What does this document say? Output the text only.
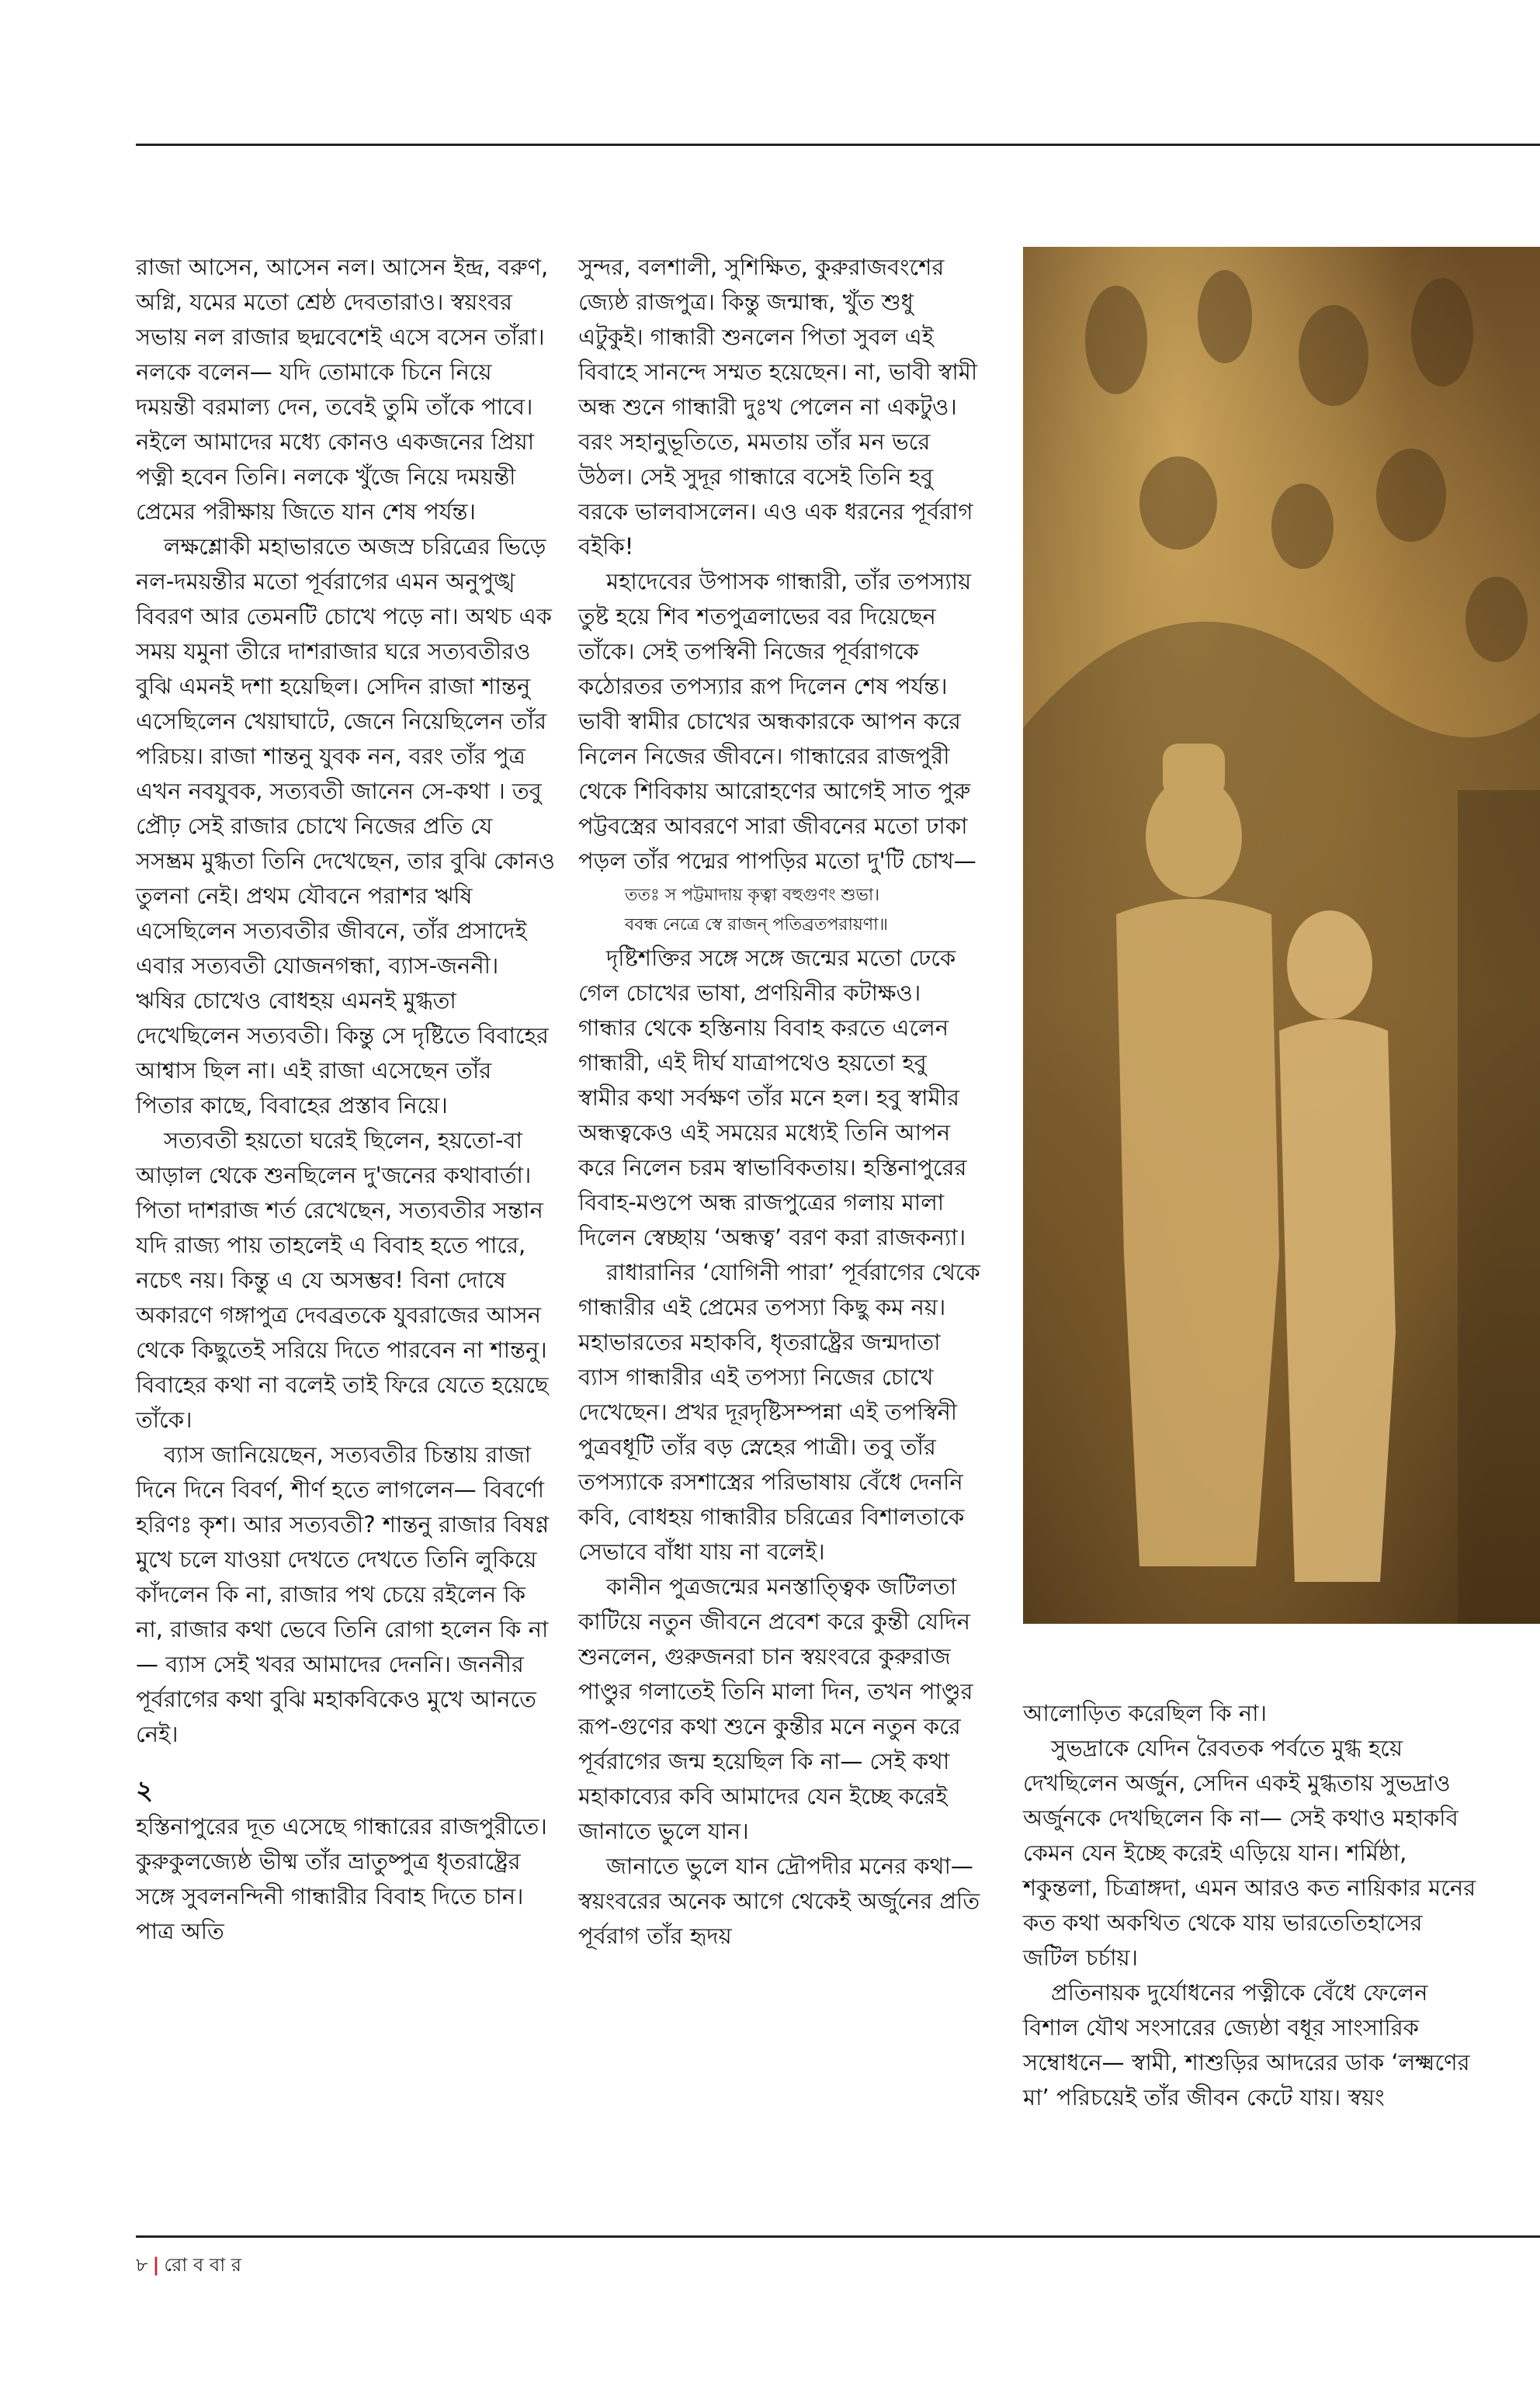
রাজা আসেন, আসেন নল। আসেন ইন্দ্র, বরুণ, অগ্নি, যমের মতো শ্রেষ্ঠ দেবতারাও। স্বয়ংবর সভায় নল রাজার ছদ্মবেশেই এসে বসেন তাঁরা। নলকে বলেন— যদি তোমাকে চিনে নিয়ে দময়ন্তী বরমাল্য দেন, তবেই তুমি তাঁকে পাবে। নইলে আমাদের মধ্যে কোনও একজনের প্রিয়া পত্নী হবেন তিনি। নলকে খুঁজে নিয়ে দময়ন্তী প্রেমের পরীক্ষায় জিতে যান শেষ পর্যন্ত।

লক্ষশ্লোকী মহাভারতে অজস্র চরিত্রের ভিড়ে নল-দময়ন্তীর মতো পূর্বরাগের এমন অনুপুঙ্খ বিবরণ আর তেমনটি চোখে পড়ে না। অথচ এক সময় যমুনা তীরে দাশরাজার ঘরে সত্যবতীরও বুঝি এমনই দশা হয়েছিল। সেদিন রাজা শান্তনু এসেছিলেন খেয়াঘাটে, জেনে নিয়েছিলেন তাঁর পরিচয়। রাজা শান্তনু যুবক নন, বরং তাঁর পুত্র এখন নবযুবক, সত্যবতী জানেন সে-কথা । তবু প্রৌঢ় সেই রাজার চোখে নিজের প্রতি যে সসম্ভ্রম মুগ্ধতা তিনি দেখেছেন, তার বুঝি কোনও তুলনা নেই। প্রথম যৌবনে পরাশর ঋষি এসেছিলেন সত্যবতীর জীবনে, তাঁর প্রসাদেই এবার সত্যবতী যোজনগন্ধা, ব্যাস-জননী। ঋষির চোখেও বোধহয় এমনই মুগ্ধতা দেখেছিলেন সত্যবতী। কিন্তু সে দৃষ্টিতে বিবাহের আশ্বাস ছিল না। এই রাজা এসেছেন তাঁর পিতার কাছে, বিবাহের প্রস্তাব নিয়ে।

সত্যবতী হয়তো ঘরেই ছিলেন, হয়তো-বা আড়াল থেকে শুনছিলেন দু'জনের কথাবার্তা। পিতা দাশরাজ শর্ত রেখেছেন, সত্যবতীর সন্তান যদি রাজ্য পায় তাহলেই এ বিবাহ হতে পারে, নচেৎ নয়। কিন্তু এ যে অসম্ভব! বিনা দোষে অকারণে গঙ্গাপুত্র দেবব্রতকে যুবরাজের আসন থেকে কিছুতেই সরিয়ে দিতে পারবেন না শান্তনু। বিবাহের কথা না বলেই তাই ফিরে যেতে হয়েছে তাঁকে।

ব্যাস জানিয়েছেন, সত্যবতীর চিন্তায় রাজা দিনে দিনে বিবর্ণ, শীর্ণ হতে লাগলেন— বিবর্ণো হরিণঃ কৃশ। আর সত্যবতী? শান্তনু রাজার বিষণ্ণ মুখে চলে যাওয়া দেখতে দেখতে তিনি লুকিয়ে কাঁদলেন কি না, রাজার পথ চেয়ে রইলেন কি না, রাজার কথা ভেবে তিনি রোগা হলেন কি না— ব্যাস সেই খবর আমাদের দেননি। জননীর পূর্বরাগের কথা বুঝি মহাকবিকেও মুখে আনতে নেই।

২

হস্তিনাপুরের দূত এসেছে গান্ধারের রাজপুরীতে। কুরুকুলজ্যেষ্ঠ ভীষ্ম তাঁর ভ্রাতুষ্পুত্র ধৃতরাষ্ট্রের সঙ্গে সুবলনন্দিনী গান্ধারীর বিবাহ দিতে চান। পাত্র অতি

সুন্দর, বলশালী, সুশিক্ষিত, কুরুরাজবংশের জ্যেষ্ঠ রাজপুত্র। কিন্তু জন্মান্ধ, খুঁত শুধু এটুকুই। গান্ধারী শুনলেন পিতা সুবল এই বিবাহে সানন্দে সম্মত হয়েছেন। না, ভাবী স্বামী অন্ধ শুনে গান্ধারী দুঃখ পেলেন না একটুও। বরং সহানুভূতিতে, মমতায় তাঁর মন ভরে উঠল। সেই সুদূর গান্ধারে বসেই তিনি হবু বরকে ভালবাসলেন। এও এক ধরনের পূর্বরাগ বইকি!

মহাদেবের উপাসক গান্ধারী, তাঁর তপস্যায় তুষ্ট হয়ে শিব শতপুত্রলাভের বর দিয়েছেন তাঁকে। সেই তপস্বিনী নিজের পূর্বরাগকে কঠোরতর তপস্যার রূপ দিলেন শেষ পর্যন্ত। ভাবী স্বামীর চোখের অন্ধকারকে আপন করে নিলেন নিজের জীবনে। গান্ধারের রাজপুরী থেকে শিবিকায় আরোহণের আগেই সাত পুরু পট্টবস্ত্রের আবরণে সারা জীবনের মতো ঢাকা পড়ল তাঁর পদ্মের পাপড়ির মতো দু'টি চোখ—

ততঃ স পট্টমাদায় কৃত্বা বহুগুণং শুভা।

ববন্ধ নেত্রে স্বে রাজন্‌ পতিব্রতপরায়ণা॥

দৃষ্টিশক্তির সঙ্গে সঙ্গে জন্মের মতো ঢেকে গেল চোখের ভাষা, প্রণয়িনীর কটাক্ষও। গান্ধার থেকে হস্তিনায় বিবাহ করতে এলেন গান্ধারী, এই দীর্ঘ যাত্রাপথেও হয়তো হবু স্বামীর কথা সর্বক্ষণ তাঁর মনে হল। হবু স্বামীর অন্ধত্বকেও এই সময়ের মধ্যেই তিনি আপন করে নিলেন চরম স্বাভাবিকতায়। হস্তিনাপুরের বিবাহ-মণ্ডপে অন্ধ রাজপুত্রের গলায় মালা দিলেন স্বেচ্ছায় ‘অন্ধত্ব’ বরণ করা রাজকন্যা।

রাধারানির ‘যোগিনী পারা’ পূর্বরাগের থেকে গান্ধারীর এই প্রেমের তপস্যা কিছু কম নয়। মহাভারতের মহাকবি, ধৃতরাষ্ট্রের জন্মদাতা ব্যাস গান্ধারীর এই তপস্যা নিজের চোখে দেখেছেন। প্রখর দূরদৃষ্টিসম্পন্না এই তপস্বিনী পুত্রবধূটি তাঁর বড় স্নেহের পাত্রী। তবু তাঁর তপস্যাকে রসশাস্ত্রের পরিভাষায় বেঁধে দেননি কবি, বোধহয় গান্ধারীর চরিত্রের বিশালতাকে সেভাবে বাঁধা যায় না বলেই।

কানীন পুত্রজন্মের মনস্তাত্ত্বিক জটিলতা কাটিয়ে নতুন জীবনে প্রবেশ করে কুন্তী যেদিন শুনলেন, গুরুজনরা চান স্বয়ংবরে কুরুরাজ পাণ্ডুর গলাতেই তিনি মালা দিন, তখন পাণ্ডুর রূপ-গুণের কথা শুনে কুন্তীর মনে নতুন করে পূর্বরাগের জন্ম হয়েছিল কি না— সেই কথা মহাকাব্যের কবি আমাদের যেন ইচ্ছে করেই জানাতে ভুলে যান।

জানাতে ভুলে যান দ্রৌপদীর মনের কথা— স্বয়ংবরের অনেক আগে থেকেই অর্জুনের প্রতি পূর্বরাগ তাঁর হৃদয়

আলোড়িত করেছিল কি না।

সুভদ্রাকে যেদিন রৈবতক পর্বতে মুগ্ধ হয়ে দেখছিলেন অর্জুন, সেদিন একই মুগ্ধতায় সুভদ্রাও অর্জুনকে দেখছিলেন কি না— সেই কথাও মহাকবি কেমন যেন ইচ্ছে করেই এড়িয়ে যান। শর্মিষ্ঠা, শকুন্তলা, চিত্রাঙ্গদা, এমন আরও কত নায়িকার মনের কত কথা অকথিত থেকে যায় ভারতেতিহাসের জটিল চর্চায়।

প্রতিনায়ক দুর্যোধনের পত্নীকে বেঁধে ফেলেন বিশাল যৌথ সংসারের জ্যেষ্ঠা বধূর সাংসারিক সম্বোধনে— স্বামী, শাশুড়ির আদরের ডাক ‘লক্ষ্মণের মা’ পরিচয়েই তাঁর জীবন কেটে যায়। স্বয়ং

৮ | রো ব বা র
